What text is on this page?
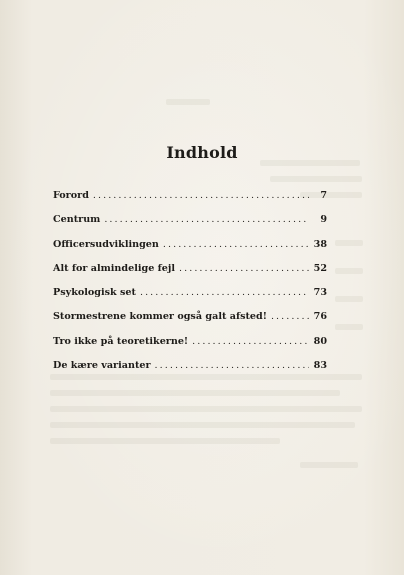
Indhold
Forord . . .	7
Centrum . . .	9
Officersudviklingen . . .	38
Alt for almindelige fejl . . .	52
Psykologisk set . . .	73
Stormestrene kommer også galt afsted! . . .	76
Tro ikke på teoretikerne! . . .	80
De kære varianter . . .	83
